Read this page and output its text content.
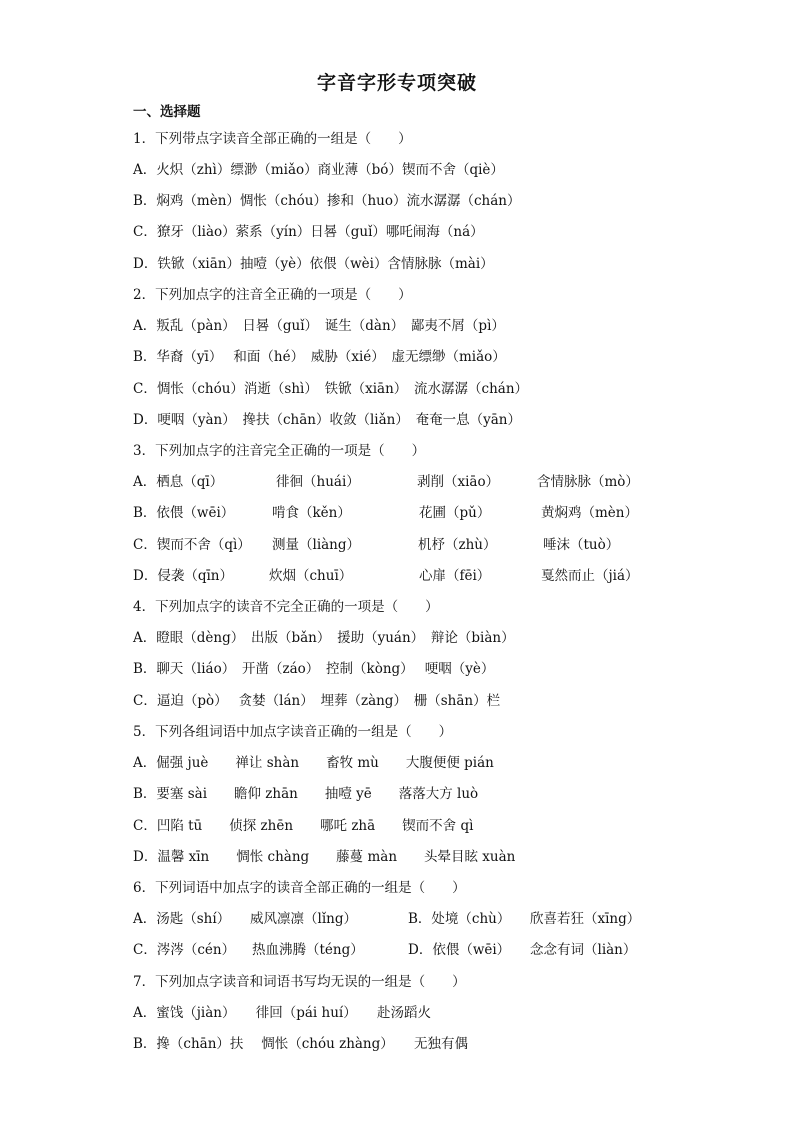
字音字形专项突破
一、选择题
1．下列带点字读音全部正确的一组是（　　）
A．火炽（zhì）缥渺（miǎo）商业薄（bó）锲而不舍（qiè）
B．焖鸡（mèn）惆怅（chóu）掺和（huo）流水潺潺（chán）
C．獠牙（liào）萦系（yín）日晷（guǐ）哪吒闹海（ná）
D．铁锨（xiān）抽噎（yè）依偎（wèi）含情脉脉（mài）
2．下列加点字的注音全正确的一项是（　　）
A．叛乱（pàn）　日晷（guǐ）　诞生（dàn）　鄙夷不屑（pì）
B．华裔（yī）　 和面（hé）　威胁（xié）　虚无缥缈（miǎo）
C．惆怅（chóu）消逝（shì）　铁锨（xiān）　流水潺潺（chán）
D．哽咽（yàn）　搀扶（chān）收敛（liǎn）　奄奄一息（yān）
3．下列加点字的注音完全正确的一项是（　　）
A．栖息（qī）	徘徊（huái）	剥削（xiāo）	含情脉脉（mò）
B．依偎（wēi）	啃食（kěn）	花圃（pǔ）	黄焖鸡（mèn）
C．锲而不舍（qì） 测量（liàng）	机杼（zhù）	唾沫（tuò）
D．侵袭（qīn）	炊烟（chuī）	心扉（fēi）	戛然而止（jiá）
4．下列加点字的读音不完全正确的一项是（　　）
A．瞪眼（dèng）　出版（bǎn）　援助（yuán）　辩论（biàn）
B．聊天（liáo）　开凿（záo）　控制（kòng）　 哽咽（yè）
C．逼迫（pò）　 贪婪（lán）　埋葬（zàng）　栅（shān）栏
5．下列各组词语中加点字读音正确的一组是（　　）
A．倔强 juè　　禅让 shàn　　畜牧 mù　　大腹便便 pián
B．要塞 sài　　瞻仰 zhān　　抽噎 yē　　落落大方 luò
C．凹陷 tū　　侦探 zhēn　　哪吒 zhā　　锲而不舍 qì
D．温馨 xīn　　惆怅 chàng　　藤蔓 màn　　头晕目眩 xuàn
6．下列词语中加点字的读音全部正确的一组是（　　）
A．汤匙（shí） 威风凛凛（lǐng）	B．处境（chù） 欣喜若狂（xīng）
C．涔涔（cén） 热血沸腾（téng）	D．依偎（wēi） 念念有词（liàn）
7．下列加点字读音和词语书写均无误的一组是（　　）
A．蜜饯（jiàn）　　徘回（pái huí）　　赴汤蹈火
B．搀（chān）扶　 惆怅（chóu zhàng）　　无独有偶
